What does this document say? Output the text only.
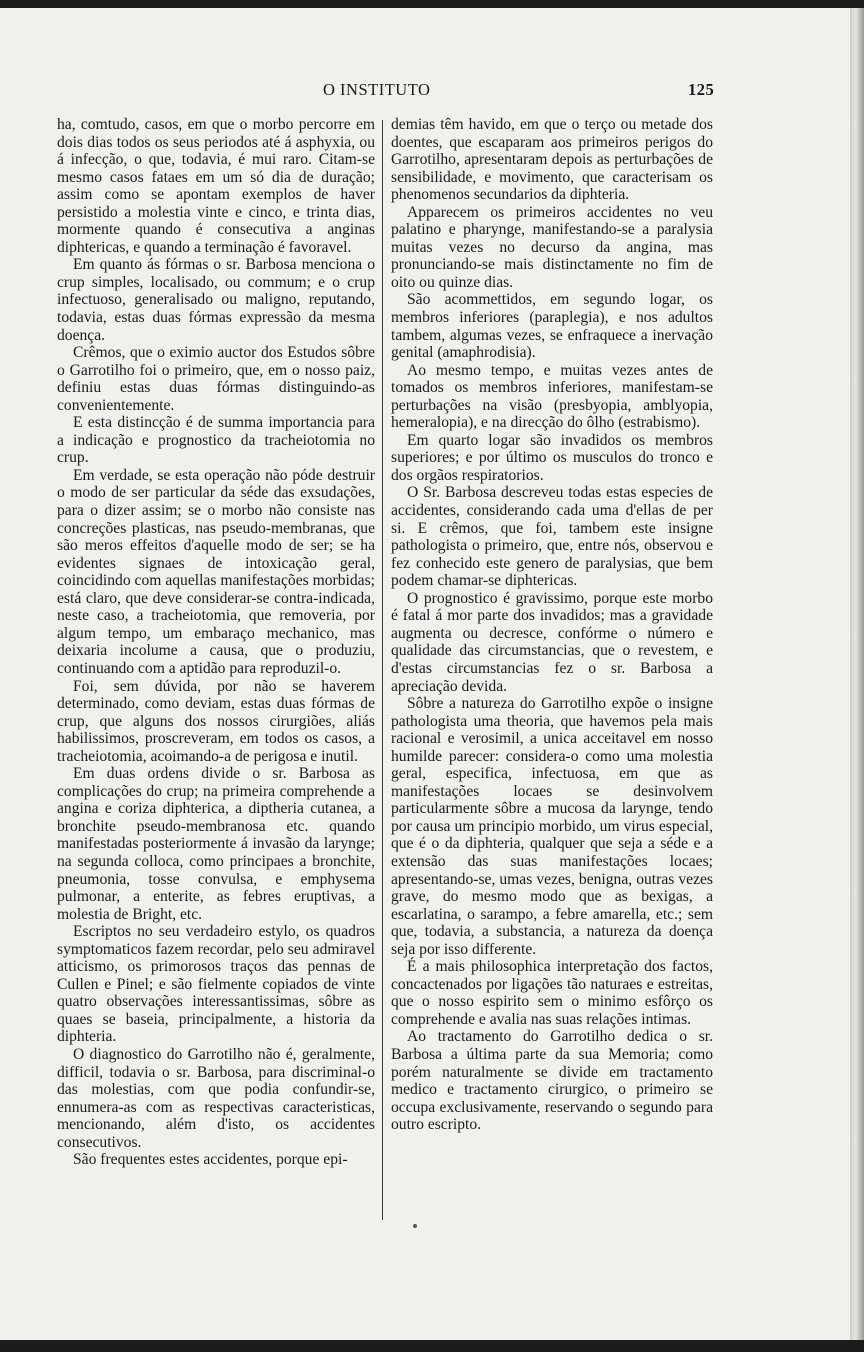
O INSTITUTO	125

ha, comtudo, casos, em que o morbo percorre em dois dias todos os seus periodos até á asphyxia, ou á infecção, o que, todavia, é mui raro. Citam-se mesmo casos fataes em um só dia de duração; assim como se apontam exemplos de haver persistido a molestia vinte e cinco, e trinta dias, mormente quando é consecutiva a anginas diphtericas, e quando a terminação é favoravel.

Em quanto ás fórmas o sr. Barbosa menciona o crup simples, localisado, ou commum; e o crup infectuoso, generalisado ou maligno, reputando, todavia, estas duas fórmas expressão da mesma doença.

Crêmos, que o eximio auctor dos Estudos sôbre o Garrotilho foi o primeiro, que, em o nosso paiz, definiu estas duas fórmas distinguindo-as convenientemente.

E esta distincção é de summa importancia para a indicação e prognostico da tracheiotomia no crup.

Em verdade, se esta operação não póde destruir o modo de ser particular da séde das exsudações, para o dizer assim; se o morbo não consiste nas concreções plasticas, nas pseudo-membranas, que são meros effeitos d'aquelle modo de ser; se ha evidentes signaes de intoxicação geral, coincidindo com aquellas manifestações morbidas; está claro, que deve considerar-se contra-indicada, neste caso, a tracheiotomia, que removeria, por algum tempo, um embaraço mechanico, mas deixaria incolume a causa, que o produziu, continuando com a aptidão para reproduzil-o.

Foi, sem dúvida, por não se haverem determinado, como deviam, estas duas fórmas de crup, que alguns dos nossos cirurgiões, aliás habilissimos, proscreveram, em todos os casos, a tracheiotomia, acoimando-a de perigosa e inutil.

Em duas ordens divide o sr. Barbosa as complicações do crup; na primeira comprehende a angina e coriza diphterica, a diptheria cutanea, a bronchite pseudo-membranosa etc. quando manifestadas posteriormente á invasão da larynge; na segunda colloca, como principaes a bronchite, pneumonia, tosse convulsa, e emphysema pulmonar, a enterite, as febres eruptivas, a molestia de Bright, etc.

Escriptos no seu verdadeiro estylo, os quadros symptomaticos fazem recordar, pelo seu admiravel atticismo, os primorosos traços das pennas de Cullen e Pinel; e são fielmente copiados de vinte quatro observações interessantissimas, sôbre as quaes se baseia, principalmente, a historia da diphteria.

O diagnostico do Garrotilho não é, geralmente, difficil, todavia o sr. Barbosa, para discriminal-o das molestias, com que podia confundir-se, ennumera-as com as respectivas caracteristicas, mencionando, além d'isto, os accidentes consecutivos.

São frequentes estes accidentes, porque epi-

demias têm havido, em que o terço ou metade dos doentes, que escaparam aos primeiros perigos do Garrotilho, apresentaram depois as perturbações de sensibilidade, e movimento, que caracterisam os phenomenos secundarios da diphteria.

Apparecem os primeiros accidentes no veu palatino e pharynge, manifestando-se a paralysia muitas vezes no decurso da angina, mas pronunciando-se mais distinctamente no fim de oito ou quinze dias.

São acommettidos, em segundo logar, os membros inferiores (paraplegia), e nos adultos tambem, algumas vezes, se enfraquece a inervação genital (amaphrodisia).

Ao mesmo tempo, e muitas vezes antes de tomados os membros inferiores, manifestam-se perturbações na visão (presbyopia, amblyopia, hemeralopia), e na direcção do ôlho (estrabismo).

Em quarto logar são invadidos os membros superiores; e por último os musculos do tronco e dos orgãos respiratorios.

O Sr. Barbosa descreveu todas estas especies de accidentes, considerando cada uma d'ellas de per si. E crêmos, que foi, tambem este insigne pathologista o primeiro, que, entre nós, observou e fez conhecido este genero de paralysias, que bem podem chamar-se diphtericas.

O prognostico é gravissimo, porque este morbo é fatal á mor parte dos invadidos; mas a gravidade augmenta ou decresce, confórme o número e qualidade das circumstancias, que o revestem, e d'estas circumstancias fez o sr. Barbosa a apreciação devida.

Sôbre a natureza do Garrotilho expõe o insigne pathologista uma theoria, que havemos pela mais racional e verosimil, a unica acceitavel em nosso humilde parecer: considera-o como uma molestia geral, especifica, infectuosa, em que as manifestações locaes se desinvolvem particularmente sôbre a mucosa da larynge, tendo por causa um principio morbido, um virus especial, que é o da diphteria, qualquer que seja a séde e a extensão das suas manifestações locaes; apresentando-se, umas vezes, benigna, outras vezes grave, do mesmo modo que as bexigas, a escarlatina, o sarampo, a febre amarella, etc.; sem que, todavia, a substancia, a natureza da doença seja por isso differente.

É a mais philosophica interpretação dos factos, concactenados por ligações tão naturaes e estreitas, que o nosso espirito sem o minimo esfôrço os comprehende e avalia nas suas relações intimas.

Ao tractamento do Garrotilho dedica o sr. Barbosa a última parte da sua Memoria; como porém naturalmente se divide em tractamento medico e tractamento cirurgico, o primeiro se occupa exclusivamente, reservando o segundo para outro escripto.
